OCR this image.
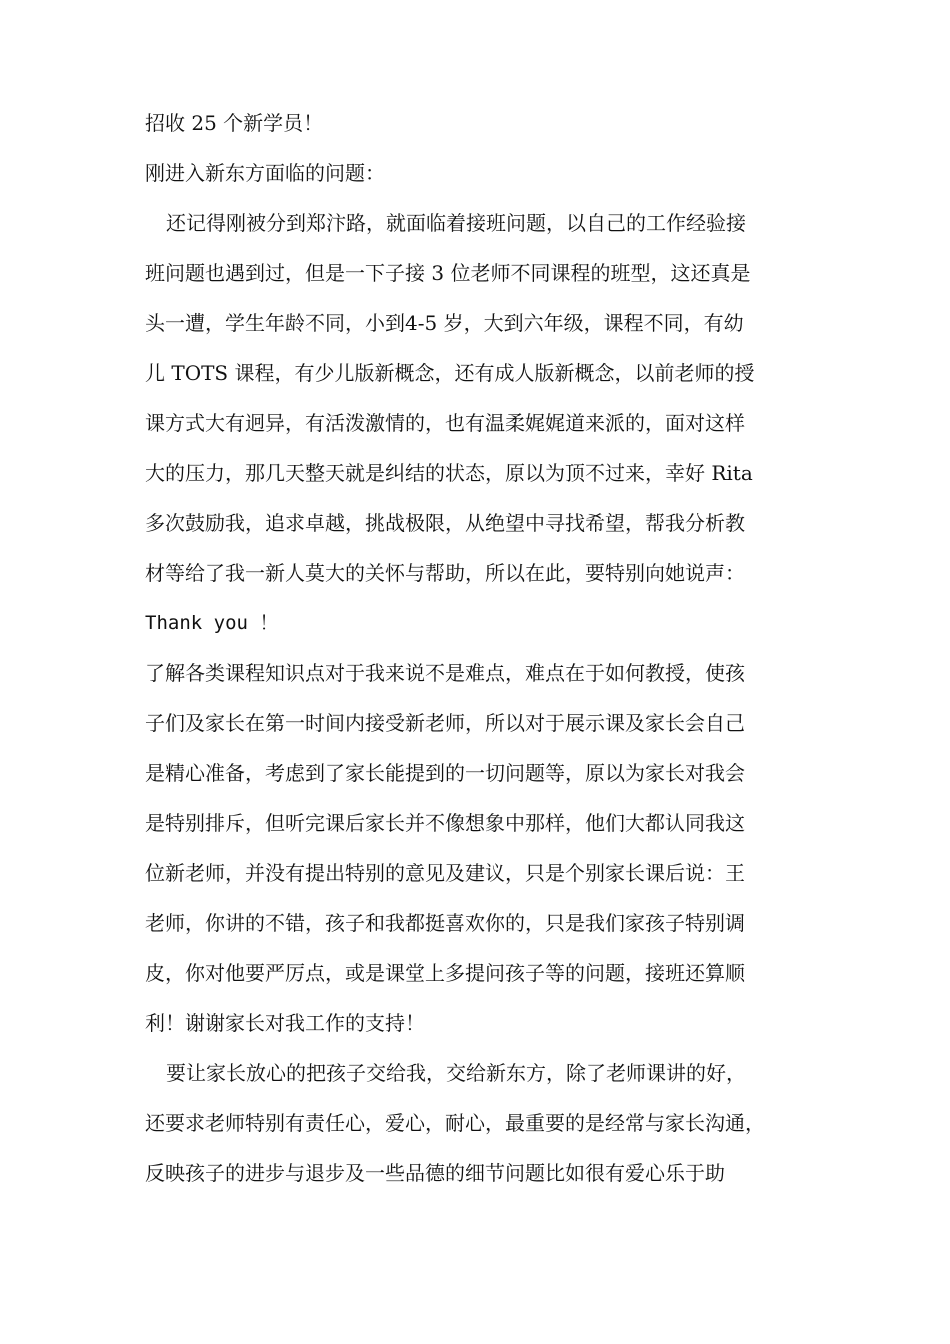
招收 25 个新学员！
刚进入新东方面临的问题：
还记得刚被分到郑汴路，就面临着接班问题，以自己的工作经验接
班问题也遇到过，但是一下子接 3 位老师不同课程的班型，这还真是
头一遭，学生年龄不同，小到4-5 岁，大到六年级，课程不同，有幼
儿 TOTS 课程，有少儿版新概念，还有成人版新概念，以前老师的授
课方式大有迥异，有活泼激情的，也有温柔娓娓道来派的，面对这样
大的压力，那几天整天就是纠结的状态，原以为顶不过来，幸好 Rita
多次鼓励我，追求卓越，挑战极限，从绝望中寻找希望，帮我分析教
材等给了我一新人莫大的关怀与帮助，所以在此，要特别向她说声：
Thank you ！
了解各类课程知识点对于我来说不是难点，难点在于如何教授，使孩
子们及家长在第一时间内接受新老师，所以对于展示课及家长会自己
是精心准备，考虑到了家长能提到的一切问题等，原以为家长对我会
是特别排斥，但听完课后家长并不像想象中那样，他们大都认同我这
位新老师，并没有提出特别的意见及建议，只是个别家长课后说：王
老师，你讲的不错，孩子和我都挺喜欢你的，只是我们家孩子特别调
皮，你对他要严厉点，或是课堂上多提问孩子等的问题，接班还算顺
利！谢谢家长对我工作的支持！
要让家长放心的把孩子交给我，交给新东方，除了老师课讲的好，
还要求老师特别有责任心，爱心，耐心，最重要的是经常与家长沟通，
反映孩子的进步与退步及一些品德的细节问题比如很有爱心乐于助
